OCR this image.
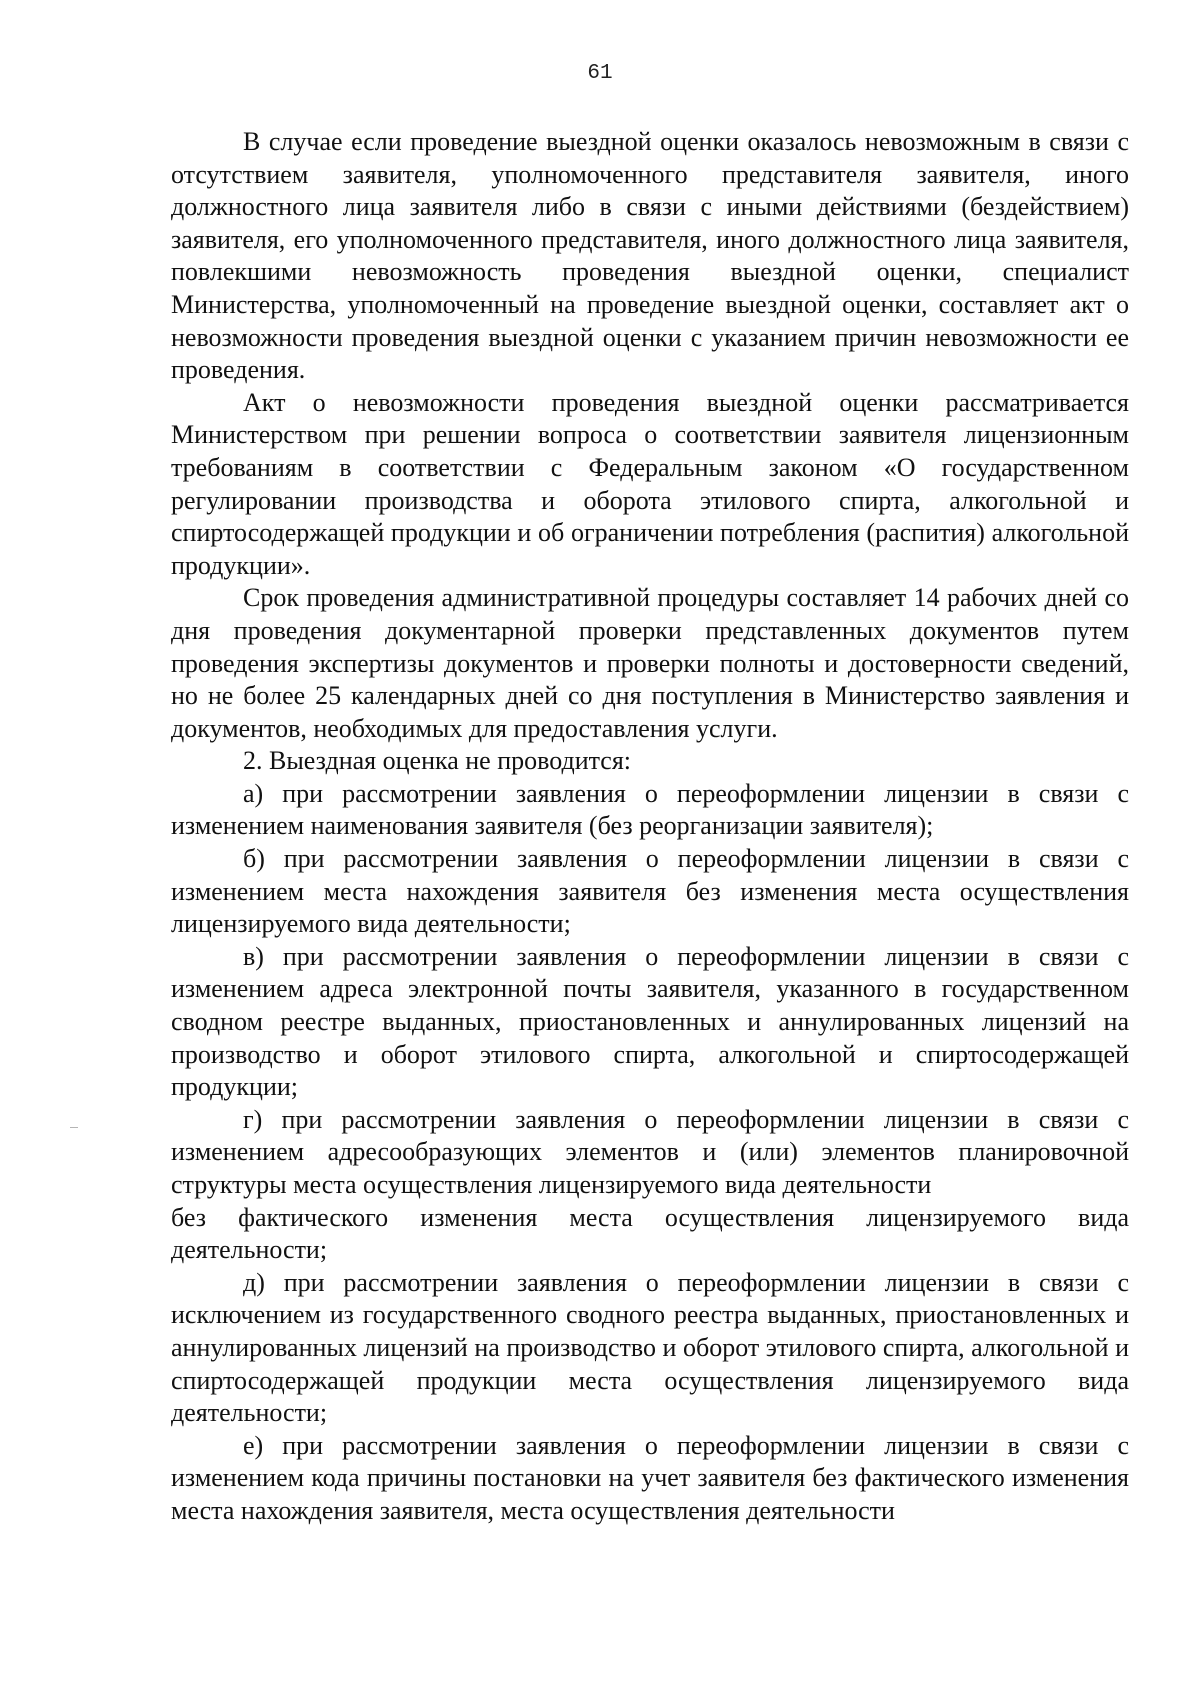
61

В случае если проведение выездной оценки оказалось невозможным в связи с отсутствием заявителя, уполномоченного представителя заявителя, иного должностного лица заявителя либо в связи с иными действиями (бездействием) заявителя, его уполномоченного представителя, иного должностного лица заявителя, повлекшими невозможность проведения выездной оценки, специалист Министерства, уполномоченный на проведение выездной оценки, составляет акт о невозможности проведения выездной оценки с указанием причин невозможности ее проведения.

Акт о невозможности проведения выездной оценки рассматривается Министерством при решении вопроса о соответствии заявителя лицензионным требованиям в соответствии с Федеральным законом «О государственном регулировании производства и оборота этилового спирта, алкогольной и спиртосодержащей продукции и об ограничении потребления (распития) алкогольной продукции».

Срок проведения административной процедуры составляет 14 рабочих дней со дня проведения документарной проверки представленных документов путем проведения экспертизы документов и проверки полноты и достоверности сведений, но не более 25 календарных дней со дня поступления в Министерство заявления и документов, необходимых для предоставления услуги.

2. Выездная оценка не проводится:

а) при рассмотрении заявления о переоформлении лицензии в связи с изменением наименования заявителя (без реорганизации заявителя);

б) при рассмотрении заявления о переоформлении лицензии в связи с изменением места нахождения заявителя без изменения места осуществления лицензируемого вида деятельности;

в) при рассмотрении заявления о переоформлении лицензии в связи с изменением адреса электронной почты заявителя, указанного в государственном сводном реестре выданных, приостановленных и аннулированных лицензий на производство и оборот этилового спирта, алкогольной и спиртосодержащей продукции;

г) при рассмотрении заявления о переоформлении лицензии в связи с изменением адресообразующих элементов и (или) элементов планировочной структуры места осуществления лицензируемого вида деятельности

без фактического изменения места осуществления лицензируемого вида деятельности;

д) при рассмотрении заявления о переоформлении лицензии в связи с исключением из государственного сводного реестра выданных, приостановленных и аннулированных лицензий на производство и оборот этилового спирта, алкогольной и спиртосодержащей продукции места осуществления лицензируемого вида деятельности;

е) при рассмотрении заявления о переоформлении лицензии в связи с изменением кода причины постановки на учет заявителя без фактического изменения места нахождения заявителя, места осуществления деятельности
